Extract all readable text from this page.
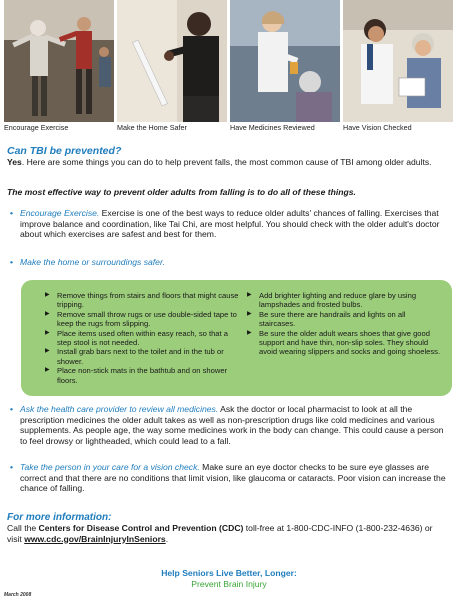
Encourage Exercise	Make the Home Safer	Have Medicines Reviewed	Have Vision Checked
Can TBI be prevented?
Yes. Here are some things you can do to help prevent falls, the most common cause of TBI among older adults.
The most effective way to prevent older adults from falling is to do all of these things.
• Encourage Exercise. Exercise is one of the best ways to reduce older adults' chances of falling. Exercises that improve balance and coordination, like Tai Chi, are most helpful. You should check with the older adult's doctor about which exercises are safest and best for them.
• Make the home or surroundings safer.
▶ Remove things from stairs and floors that might cause tripping.
▶ Remove small throw rugs or use double-sided tape to keep the rugs from slipping.
▶ Place items used often within easy reach, so that a step stool is not needed.
▶ Install grab bars next to the toilet and in the tub or shower.
▶ Place non-stick mats in the bathtub and on shower floors.
▶ Add brighter lighting and reduce glare by using lampshades and frosted bulbs.
▶ Be sure there are handrails and lights on all staircases.
▶ Be sure the older adult wears shoes that give good support and have thin, non-slip soles. They should avoid wearing slippers and socks and going shoeless.
• Ask the health care provider to review all medicines. Ask the doctor or local pharmacist to look at all the prescription medicines the older adult takes as well as non-prescription drugs like cold medicines and various supplements. As people age, the way some medicines work in the body can change. This could cause a person to feel drowsy or lightheaded, which could lead to a fall.
• Take the person in your care for a vision check. Make sure an eye doctor checks to be sure eye glasses are correct and that there are no conditions that limit vision, like glaucoma or cataracts. Poor vision can increase the chance of falling.
For more information:
Call the Centers for Disease Control and Prevention (CDC) toll-free at 1-800-CDC-INFO (1-800-232-4636) or visit www.cdc.gov/BrainInjuryInSeniors.
Help Seniors Live Better, Longer:
Prevent Brain Injury
March 2008
